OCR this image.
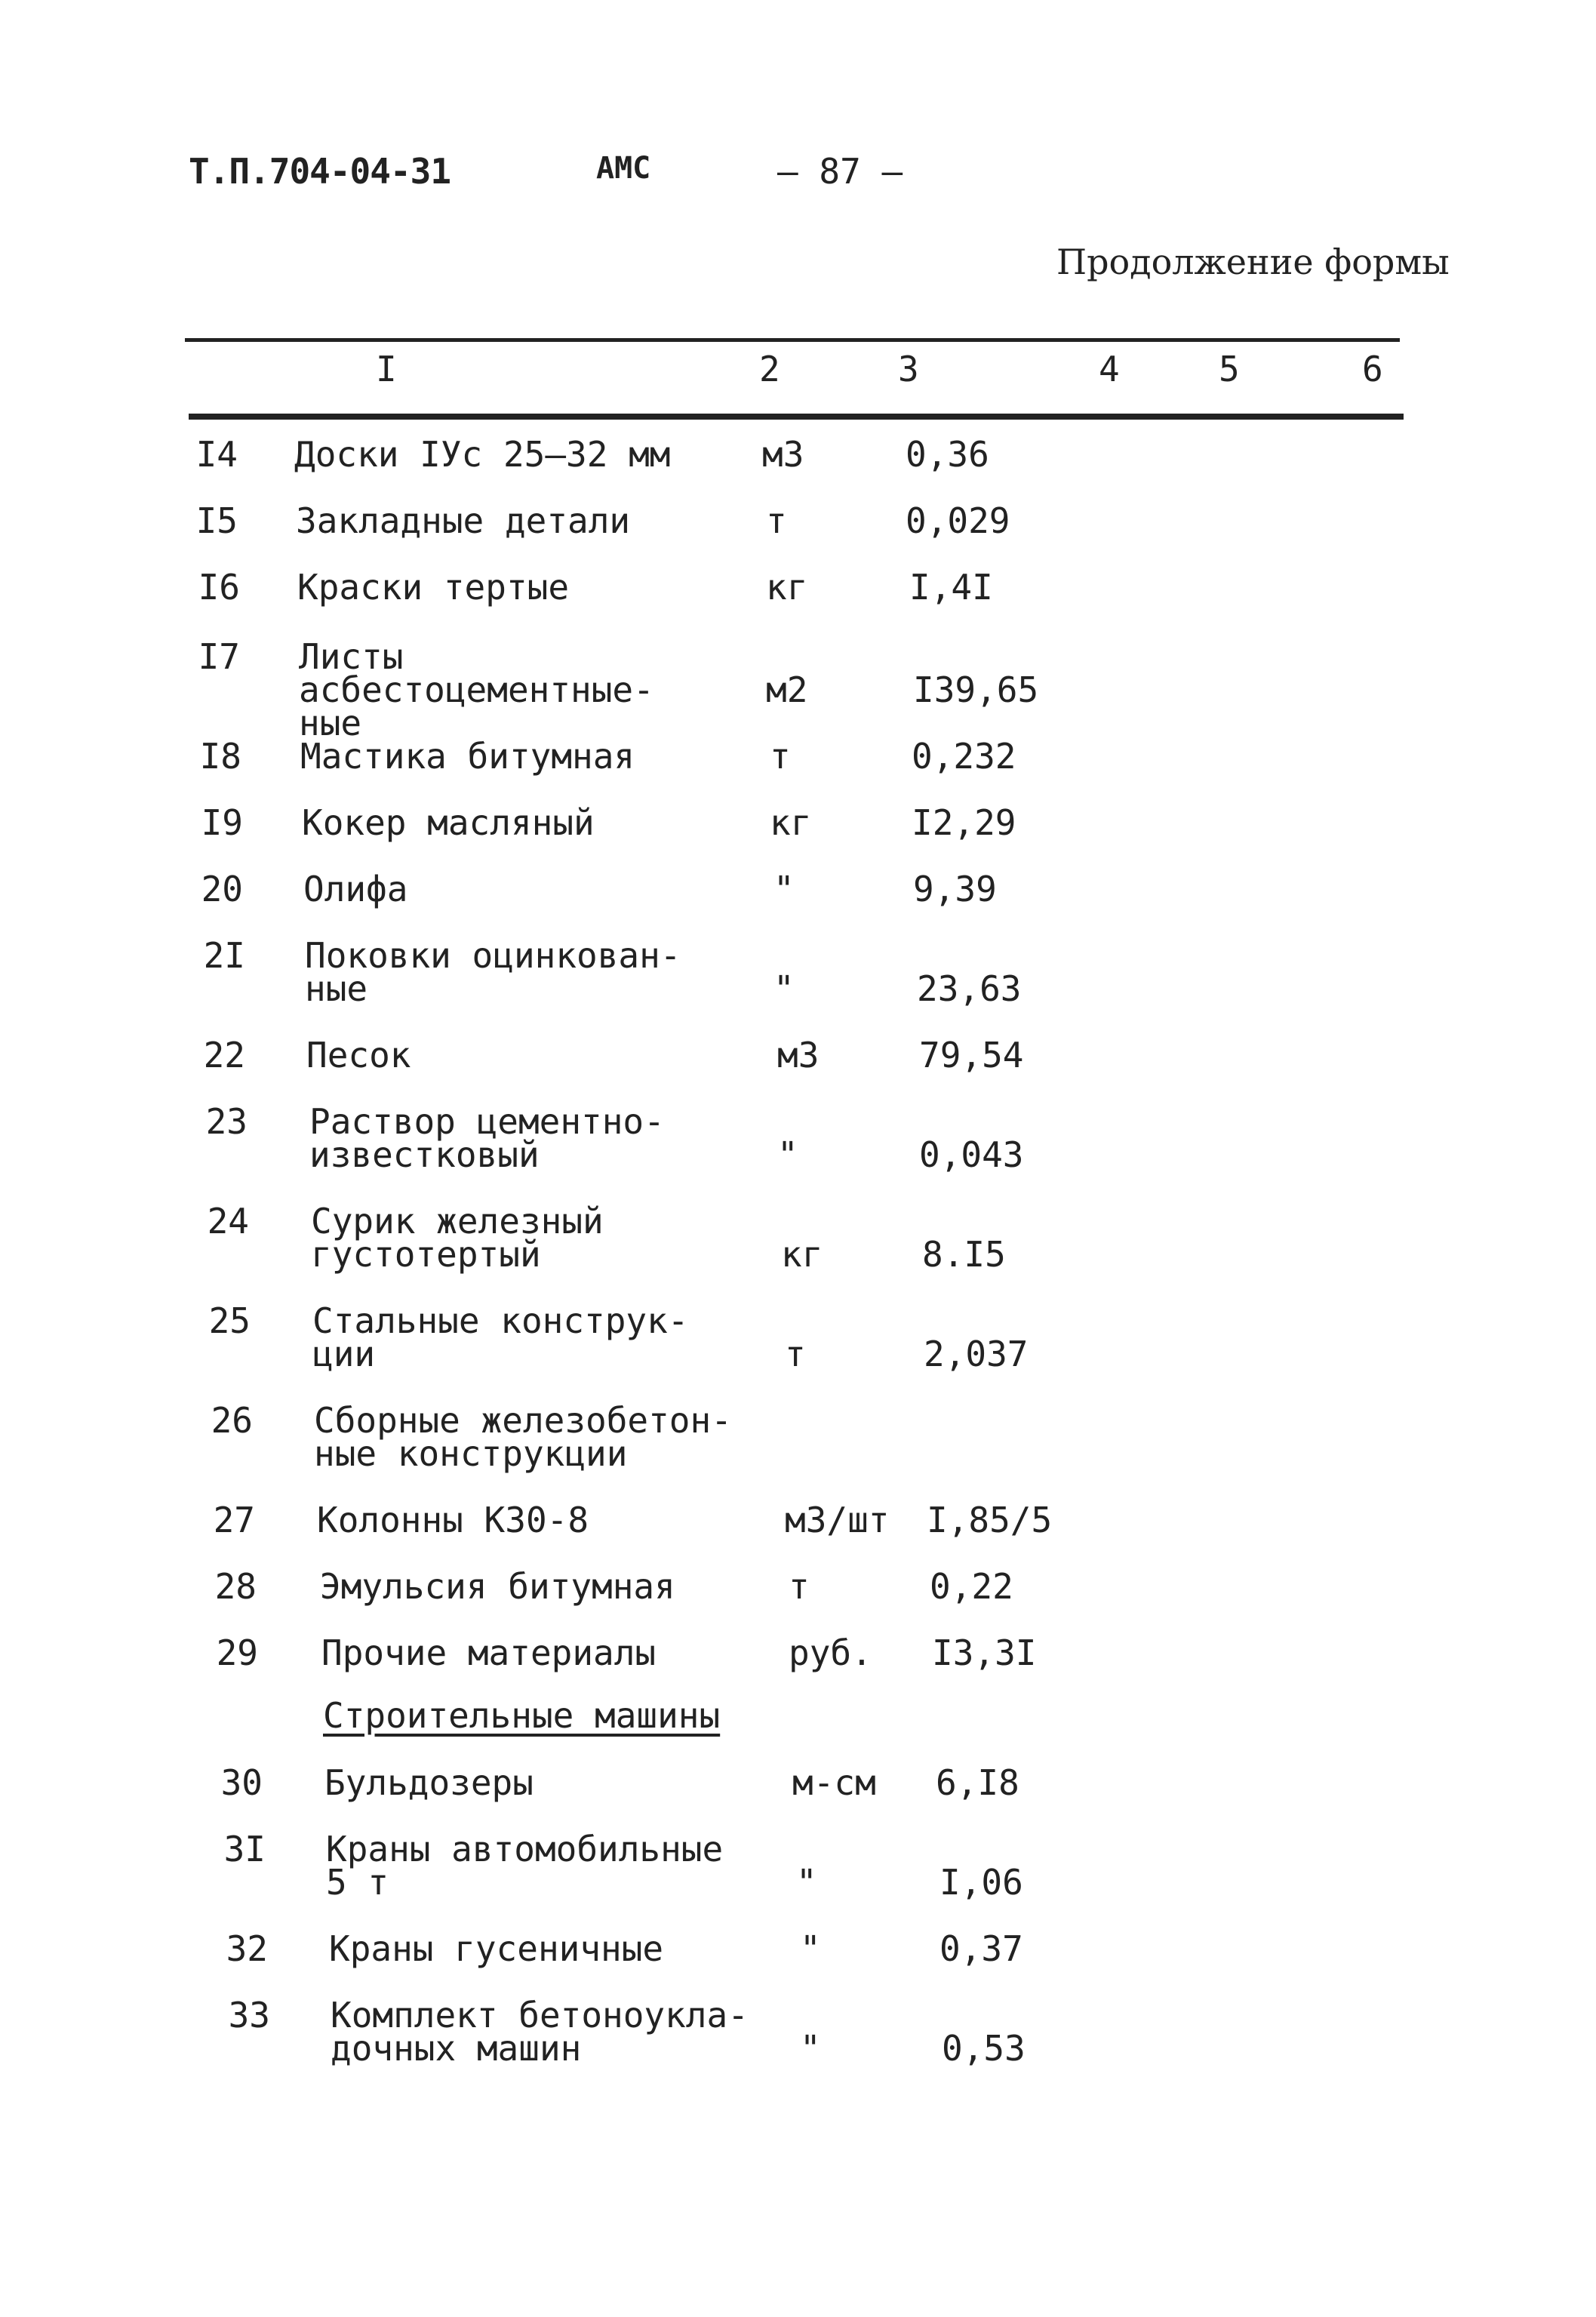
Т.П.704-04-31	АМС	— 87 —
Продолжение формы
I	2	3	4	5	6
I4 Доски IУс 25–32 мм	м3	0,36
I5 Закладные детали	т	0,029
I6 Краски тертые	кг	I,4I
I7 Листы асбестоцементные-
ные
м2	I39,65
I8 Мастика битумная	т	0,232
I9 Кокер масляный	кг	I2,29
20 Олифа	"	9,39
2I Поковки оцинкован-
ные	"	23,63
22 Песок	м3	79,54
23 Раствор цементно-
известковый	"	0,043
24 Сурик железный
густотертый	кг	8.I5
25 Стальные конструк-
ции	т	2,037
26 Сборные железобетон-
ные конструкции
27 Колонны К30-8	м3/шт	I,85/5
28 Эмульсия битумная	т	0,22
29 Прочие материалы	руб.	I3,3I
Строительные машины
30 Бульдозеры	м-см	6,I8
3I Краны автомобильные
5 т	"	I,06
32 Краны гусеничные	"	0,37
33 Комплект бетоноукла-
дочных машин	"	0,53
